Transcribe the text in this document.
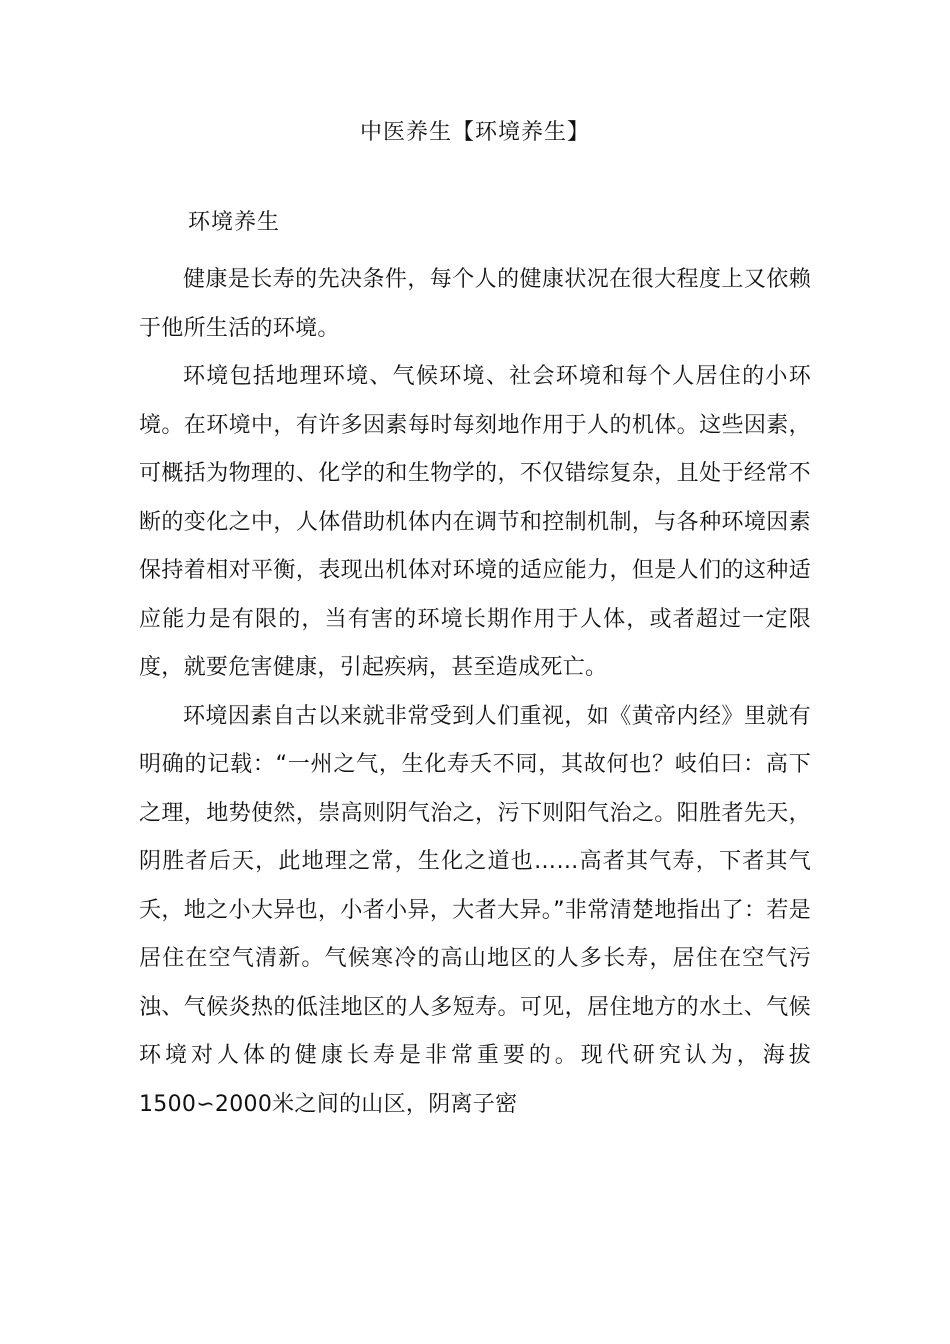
中医养生【环境养生】
环境养生

健康是长寿的先决条件，每个人的健康状况在很大程度上又依赖于他所生活的环境。

环境包括地理环境、气候环境、社会环境和每个人居住的小环境。在环境中，有许多因素每时每刻地作用于人的机体。这些因素，可概括为物理的、化学的和生物学的，不仅错综复杂，且处于经常不断的变化之中，人体借助机体内在调节和控制机制，与各种环境因素保持着相对平衡，表现出机体对环境的适应能力，但是人们的这种适应能力是有限的，当有害的环境长期作用于人体，或者超过一定限度，就要危害健康，引起疾病，甚至造成死亡。

环境因素自古以来就非常受到人们重视，如《黄帝内经》里就有明确的记载：“一州之气，生化寿夭不同，其故何也？岐伯曰：高下之理，地势使然，崇高则阴气治之，污下则阳气治之。阳胜者先天，阴胜者后天，此地理之常，生化之道也……高者其气寿，下者其气夭，地之小大异也，小者小异，大者大异。”非常清楚地指出了：若是居住在空气清新。气候寒冷的高山地区的人多长寿，居住在空气污浊、气候炎热的低洼地区的人多短寿。可见，居住地方的水土、气候环境对人体的健康长寿是非常重要的。现代研究认为，海拔1500∽2000米之间的山区，阴离子密
